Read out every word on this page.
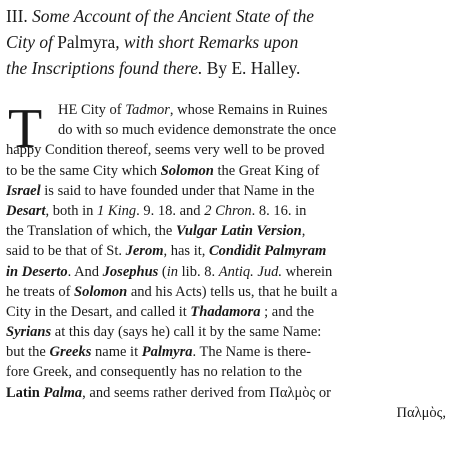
III. Some Account of the Ancient State of the
City of Palmyra, with short Remarks upon
the Inscriptions found there. By E. Halley.
T	HE City of Tadmor, whose Remains in Ruines
do with so much evidence demonstrate the once
happy Condition thereof, seems very well to be proved
to be the same City which Solomon the Great King of
Israel is said to have founded under that Name in the
Desart, both in 1 King. 9. 18. and 2 Chron. 8. 16. in
the Translation of which, the Vulgar Latin Version,
said to be that of St. Jerom, has it, Condidit Palmyram
in Deserto. And Josephus (in lib. 8. Antiq. Jud. wherein
he treats of Solomon and his Acts) tells us, that he built a
City in the Desart, and called it Thadamora ; and the
Syrians at this day (says he) call it by the same Name:
but the Greeks name it Palmyra. The Name is there-
fore Greek, and consequently has no relation to the
Latin Palma, and seems rather derived from Παλμὸς or
Παλμὸς,
